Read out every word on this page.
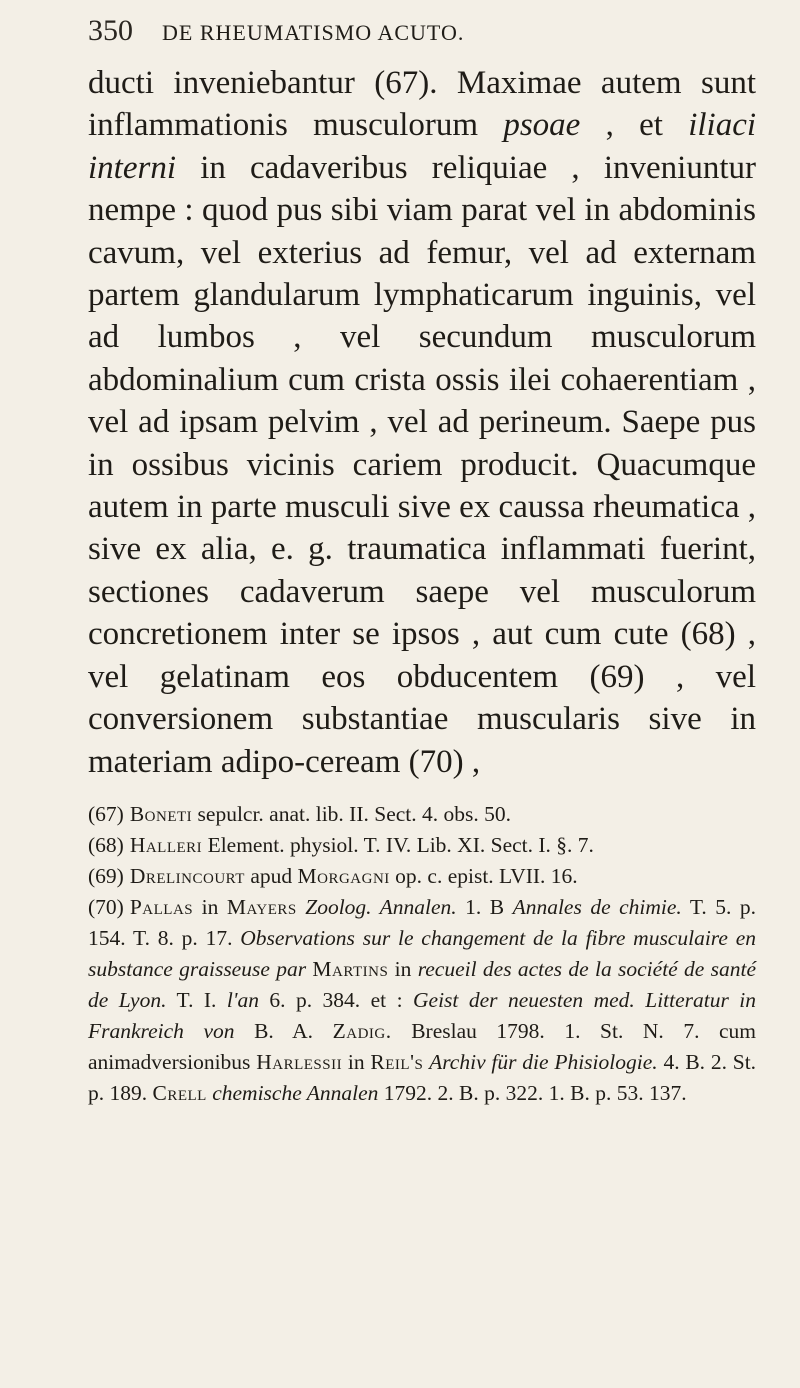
350	DE RHEUMATISMO ACUTO.

ducti inveniebantur (67). Maximae autem sunt inflammationis musculorum psoae , et iliaci interni in cadaveribus reliquiae , inveniuntur nempe : quod pus sibi viam parat vel in abdominis cavum, vel exterius ad femur, vel ad externam partem glandularum lymphaticarum inguinis, vel ad lumbos , vel secundum musculorum abdominalium cum crista ossis ilei cohaerentiam , vel ad ipsam pelvim , vel ad perineum. Saepe pus in ossibus vicinis cariem producit. Quacumque autem in parte musculi sive ex caussa rheumatica , sive ex alia, e. g. traumatica inflammati fuerint, sectiones cadaverum saepe vel musculorum concretionem inter se ipsos , aut cum cute (68) , vel gelatinam eos obducentem (69) , vel conversionem substantiae muscularis sive in materiam adipo-ceream (70) ,

(67) Boneti sepulcr. anat. lib. II. Sect. 4. obs. 50.

(68) Halleri Element. physiol. T. IV. Lib. XI. Sect. I. §. 7.

(69) Drelincourt apud Morgagni op. c. epist. LVII. 16.

(70) Pallas in Mayers Zoolog. Annalen. 1. B Annales de chimie. T. 5. p. 154. T. 8. p. 17. Observations sur le changement de la fibre musculaire en substance graisseuse par Martins in recueil des actes de la société de santé de Lyon. T. I. l'an 6. p. 384. et : Geist der neuesten med. Litteratur in Frankreich von B. A. Zadig. Breslau 1798. 1. St. N. 7. cum animadversionibus Harlessii in Reil's Archiv für die Phisiologie. 4. B. 2. St. p. 189. Crell chemische Annalen 1792. 2. B. p. 322. 1. B. p. 53. 137.
